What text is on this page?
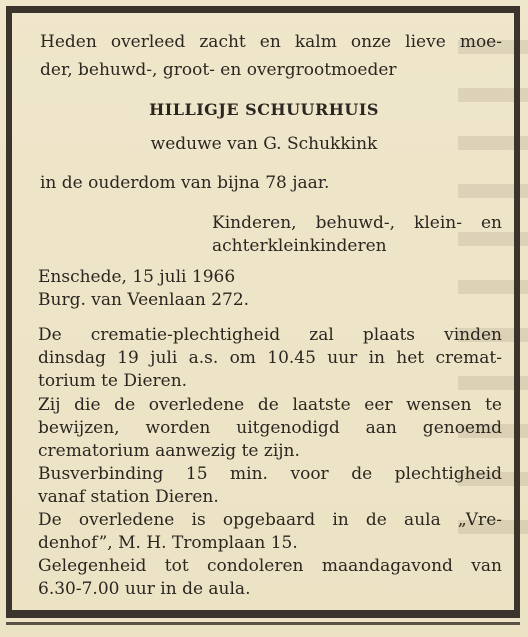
Heden overleed zacht en kalm onze lieve moe-

der, behuwd-, groot- en overgrootmoeder

HILLIGJE SCHUURHUIS

weduwe van G. Schukkink

in de ouderdom van bijna 78 jaar.

Kinderen, behuwd-, klein- en

achterkleinkinderen

Enschede, 15 juli 1966

Burg. van Veenlaan 272.

De crematie-plechtigheid zal plaats vinden

dinsdag 19 juli a.s. om 10.45 uur in het cremat-

torium te Dieren.

Zij die de overledene de laatste eer wensen te

bewijzen, worden uitgenodigd aan genoemd

crematorium aanwezig te zijn.

Busverbinding 15 min. voor de plechtigheid

vanaf station Dieren.

De overledene is opgebaard in de aula „Vre-

denhof”, M. H. Tromplaan 15.

Gelegenheid tot condoleren maandagavond van

6.30-7.00 uur in de aula.
